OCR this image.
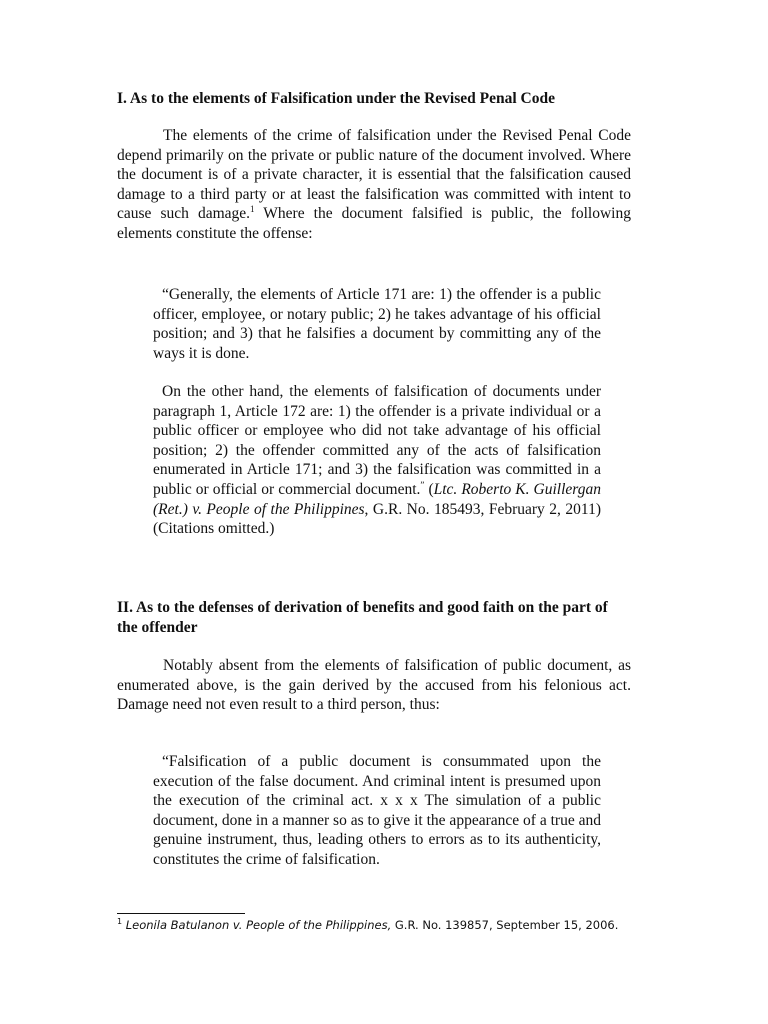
I. As to the elements of Falsification under the Revised Penal Code

The elements of the crime of falsification under the Revised Penal Code depend primarily on the private or public nature of the document involved. Where the document is of a private character, it is essential that the falsification caused damage to a third party or at least the falsification was committed with intent to cause such damage.$^1$ Where the document falsified is public, the following elements constitute the offense:

“Generally, the elements of Article 171 are: 1) the offender is a public officer, employee, or notary public; 2) he takes advantage of his official position; and 3) that he falsifies a document by committing any of the ways it is done.

On the other hand, the elements of falsification of documents under paragraph 1, Article 172 are: 1) the offender is a private individual or a public officer or employee who did not take advantage of his official position; 2) the offender committed any of the acts of falsification enumerated in Article 171; and 3) the falsification was committed in a public or official or commercial document.” (Ltc. Roberto K. Guillergan (Ret.) v. People of the Philippines, G.R. No. 185493, February 2, 2011) (Citations omitted.)

II. As to the defenses of derivation of benefits and good faith on the part of the offender

Notably absent from the elements of falsification of public document, as enumerated above, is the gain derived by the accused from his felonious act. Damage need not even result to a third person, thus:

“Falsification of a public document is consummated upon the execution of the false document. And criminal intent is presumed upon the execution of the criminal act. x x x The simulation of a public document, done in a manner so as to give it the appearance of a true and genuine instrument, thus, leading others to errors as to its authenticity, constitutes the crime of falsification.

$^1$ Leonila Batulanon v. People of the Philippines, G.R. No. 139857, September 15, 2006.
